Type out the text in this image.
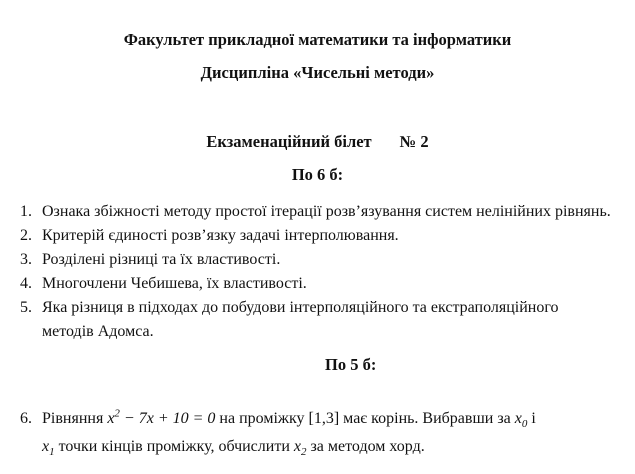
Факультет прикладної математики та інформатики
Дисципліна «Чисельні методи»
Екзаменаційний білет № 2
По 6 б:
1. Ознака збіжності методу простої ітерації розв’язування систем нелінійних рівнянь.
2. Критерій єдиності розв’язку задачі інтерполювання.
3. Розділені різниці та їх властивості.
4. Многочлени Чебишева, їх властивості.
5. Яка різниця в підходах до побудови інтерполяційного та екстраполяційного методів Адомса.
По 5 б:
6. Рівняння $x^2 - 7x + 10 = 0$ на проміжку [1,3] має корінь. Вибравши за $x_0$ і
$x_1$ точки кінців проміжку, обчислити $x_2$ за методом хорд.
